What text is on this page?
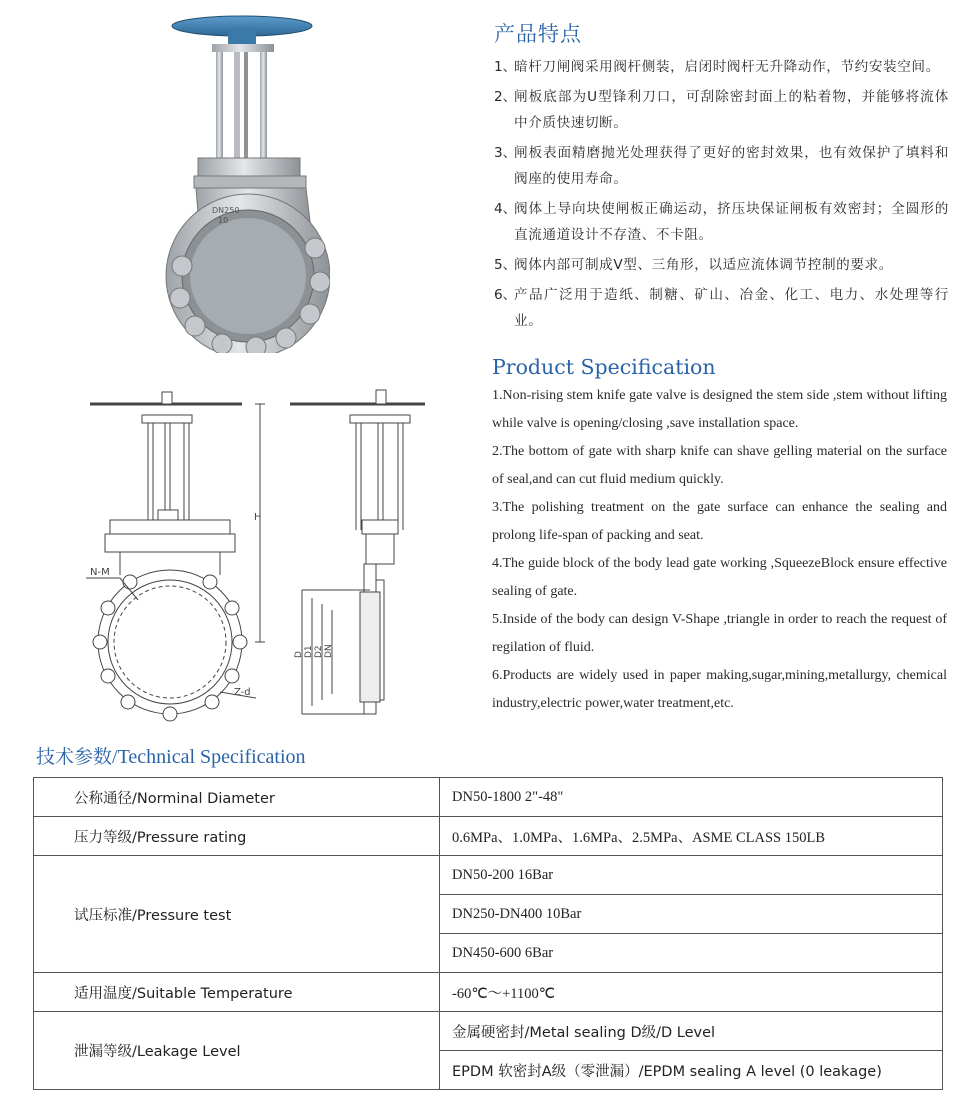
DN250
10
N-M
Z-d
H
D D1 D2 DN
产品特点
1、
暗杆刀闸阀采用阀杆侧装，启闭时阀杆无升降动作，节约安装空间。
2、
闸板底部为U型锋利刀口，可刮除密封面上的粘着物，并能够将流体中介质快速切断。
3、
闸板表面精磨抛光处理获得了更好的密封效果，也有效保护了填料和阀座的使用寿命。
4、
阀体上导向块使闸板正确运动，挤压块保证闸板有效密封；全圆形的直流通道设计不存渣、不卡阻。
5、
阀体内部可制成V型、三角形，以适应流体调节控制的要求。
6、
产品广泛用于造纸、制糖、矿山、冶金、化工、电力、水处理等行业。
Product Specification
1.Non-rising stem knife gate valve is designed the stem side ,stem without lifting while valve is opening/closing ,save installation space.
2.The bottom of gate with sharp knife can shave gelling material on the surface of seal,and can cut fluid medium quickly.
3.The polishing treatment on the gate surface can enhance the sealing and prolong life-span of packing and seat.
4.The guide block of the body lead gate working ,SqueezeBlock ensure effective sealing of gate.
5.Inside of the body can design V-Shape ,triangle in order to reach the request of regilation of fluid.
6.Products are widely used in paper making,sugar,mining,metallurgy, chemical industry,electric power,water treatment,etc.
技术参数/Technical Specification
公称通径/Norminal Diameter	DN50-1800 2"-48"
压力等级/Pressure rating	0.6MPa、1.0MPa、1.6MPa、2.5MPa、ASME CLASS 150LB
试压标准/Pressure test	DN50-200 16Bar
	DN250-DN400 10Bar
	DN450-600 6Bar
适用温度/Suitable Temperature	-60℃～+1100℃
泄漏等级/Leakage Level	金属硬密封/Metal sealing D级/D Level
	EPDM 软密封A级（零泄漏）/EPDM sealing A level (0 leakage)
